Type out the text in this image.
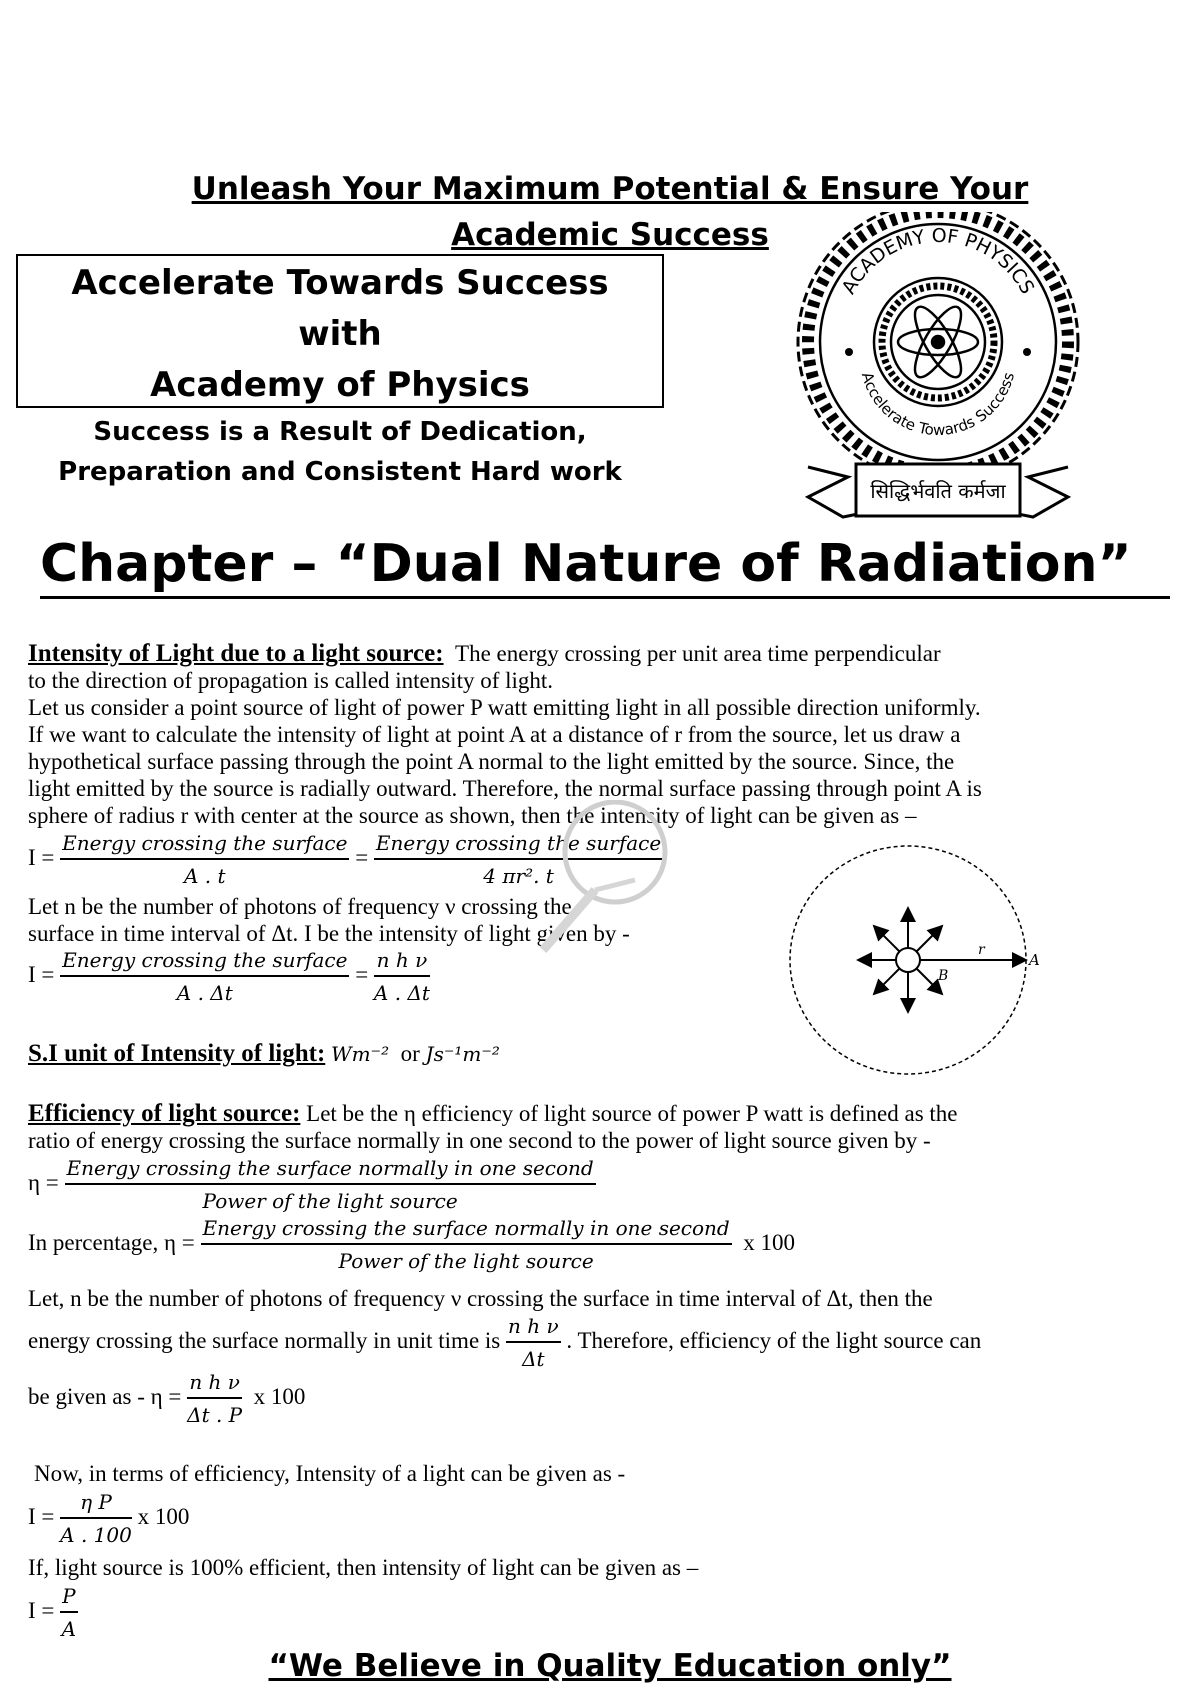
Unleash Your Maximum Potential & Ensure Your Academic Success
Accelerate Towards Success
with
Academy of Physics
Success is a Result of Dedication,
Preparation and Consistent Hard work
ACADEMY OF PHYSICS
Accelerate Towards Success
सिद्धिर्भवति कर्मजा
Chapter – “Dual Nature of Radiation”
Intensity of Light due to a light source: The energy crossing per unit area time perpendicular
to the direction of propagation is called intensity of light.
Let us consider a point source of light of power P watt emitting light in all possible direction uniformly.
If we want to calculate the intensity of light at point A at a distance of r from the source, let us draw a
hypothetical surface passing through the point A normal to the light emitted by the source. Since, the
light emitted by the source is radially outward. Therefore, the normal surface passing through point A is
sphere of radius r with center at the source as shown, then the intensity of light can be given as –
$I = \frac{\text{Energy crossing the surface}}{A . t} = \frac{\text{Energy crossing the surface}}{\text{4 πr². t}}$
Let n be the number of photons of frequency ν crossing the
surface in time interval of Δt. I be the intensity of light given by -
$I = \frac{\text{Energy crossing the surface}}{A . \Delta t} = \frac{\text{n h ν}}{A . \Delta t}$	r
A
B
S.I unit of Intensity of light: Wm⁻² or Js⁻¹m⁻²
Efficiency of light source: Let be the η efficiency of light source of power P watt is defined as the
ratio of energy crossing the surface normally in one second to the power of light source given by -
$\eta = \frac{\text{Energy crossing the surface normally in one second}}{\text{Power of the light source}}$
In percentage, $\eta = \frac{\text{Energy crossing the surface normally in one second}}{\text{Power of the light source}}$ x 100
Let, n be the number of photons of frequency ν crossing the surface in time interval of Δt, then the
energy crossing the surface normally in unit time is $\frac{\text{n h ν}}{\Delta t}$ . Therefore, efficiency of the light source can
be given as - $\eta = \frac{\text{n h ν}}{\Delta t . P}$ x 100
Now, in terms of efficiency, Intensity of a light can be given as -
$I = \frac{\text{η P}}{A . 100}$ x 100
If, light source is 100% efficient, then intensity of light can be given as –
$I = \frac{P}{A}$
“We Believe in Quality Education only”
